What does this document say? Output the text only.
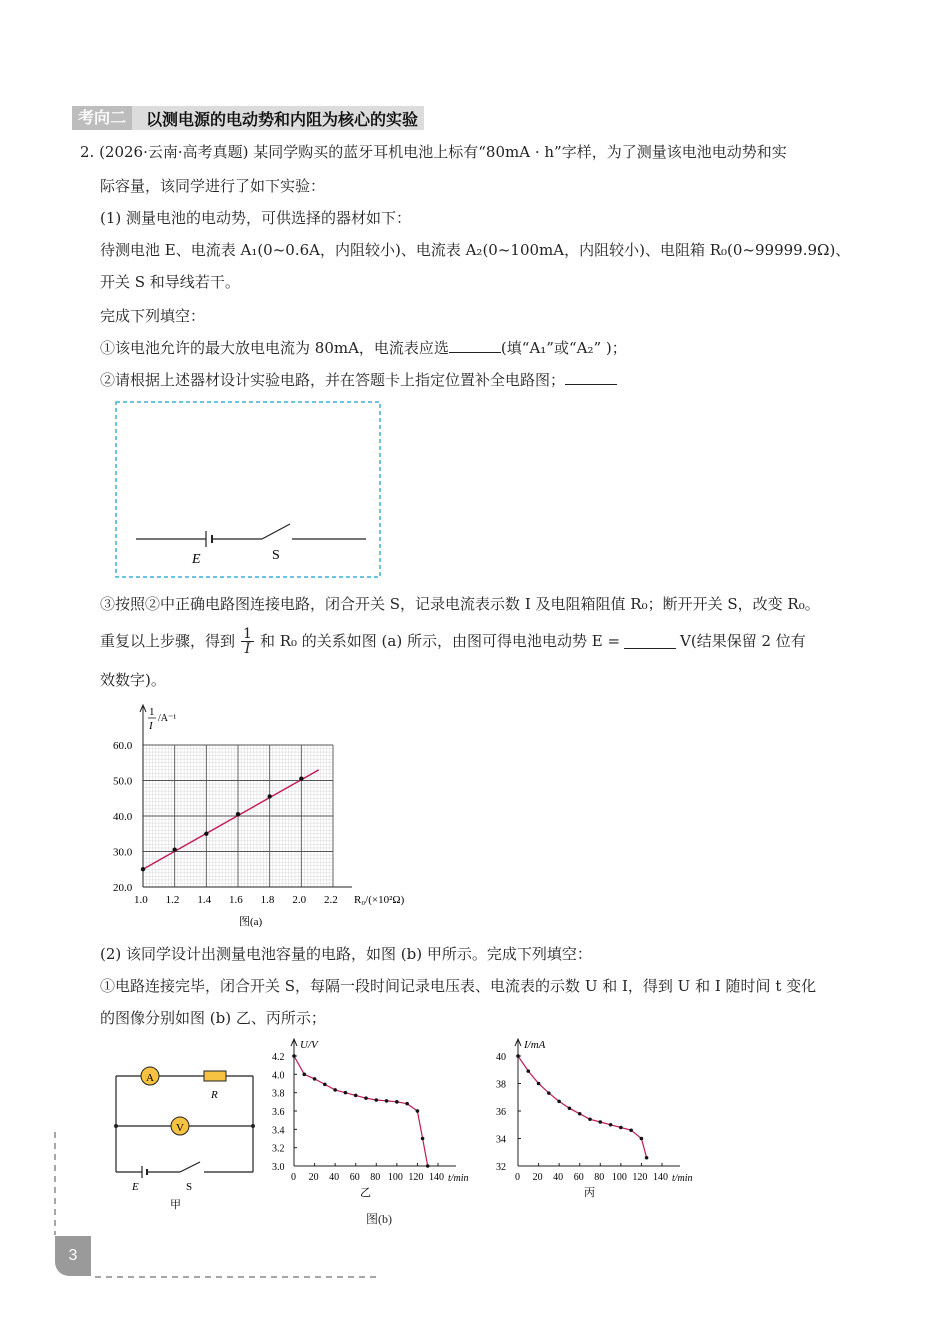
考向二	以测电源的电动势和内阻为核心的实验
2. (2026·云南·高考真题) 某同学购买的蓝牙耳机电池上标有“80mA · h”字样，为了测量该电池电动势和实
际容量，该同学进行了如下实验：
(1) 测量电池的电动势，可供选择的器材如下：
待测电池 E、电流表 A₁(0~0.6A，内阻较小)、电流表 A₂(0~100mA，内阻较小)、电阻箱 R₀(0~99999.9Ω)、
开关 S 和导线若干。
完成下列填空：
①该电池允许的最大放电电流为 80mA，电流表应选	(填“A₁”或“A₂” )；
②请根据上述器材设计实验电路，并在答题卡上指定位置补全电路图；
E	S
③按照②中正确电路图连接电路，闭合开关 S，记录电流表示数 I 及电阻箱阻值 R₀；断开开关 S，改变 R₀。
重复以上步骤，得到 $\frac{1}{I}$ 和 R₀ 的关系如图 (a) 所示，由图可得电池电动势 E =	V(结果保留 2 位有
效数字)。
1.0 1.2 1.4 1.6 1.8 2.0 2.2
20.0
30.0
40.0
50.0
60.0
1
I
/A⁻¹
R₀/(×10²Ω)
图(a)
(2) 该同学设计出测量电池容量的电路，如图 (b) 甲所示。完成下列填空：
①电路连接完毕，闭合开关 S，每隔一段时间记录电压表、电流表的示数 U 和 I，得到 U 和 I 随时间 t 变化
的图像分别如图 (b) 乙、丙所示；
A
R
V
E	S
甲
3.0
3.2
3.4
3.6
3.8
4.0
4.2
0 20 40 60 80 100 120 140
U/V
t/min
乙
32
34
36
38
40
0 20 40 60 80 100 120 140
I/mA
t/min
丙
图(b)
3
